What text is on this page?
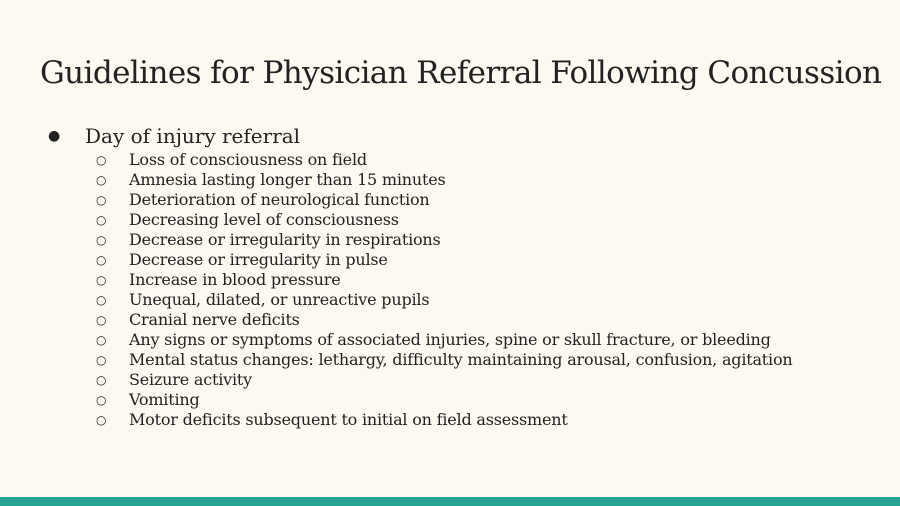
Guidelines for Physician Referral Following Concussion
● Day of injury referral
○ Loss of consciousness on field
○ Amnesia lasting longer than 15 minutes
○ Deterioration of neurological function
○ Decreasing level of consciousness
○ Decrease or irregularity in respirations
○ Decrease or irregularity in pulse
○ Increase in blood pressure
○ Unequal, dilated, or unreactive pupils
○ Cranial nerve deficits
○ Any signs or symptoms of associated injuries, spine or skull fracture, or bleeding
○ Mental status changes: lethargy, difficulty maintaining arousal, confusion, agitation
○ Seizure activity
○ Vomiting
○ Motor deficits subsequent to initial on field assessment
